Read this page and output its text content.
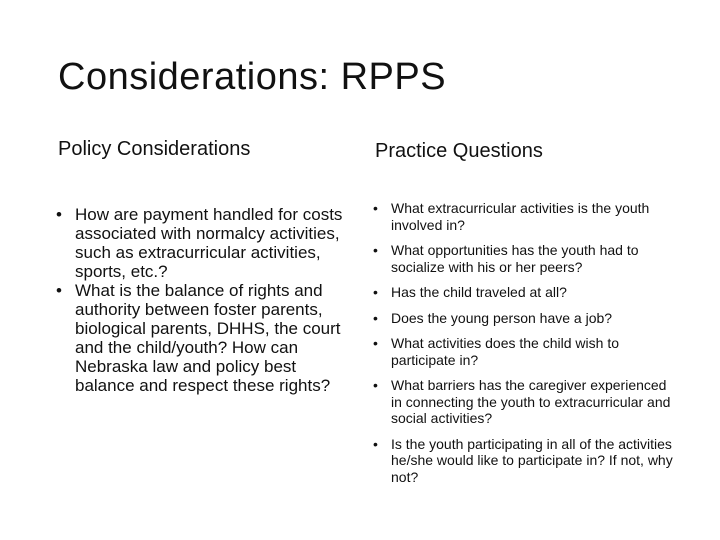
Considerations: RPPS
Policy Considerations	Practice Questions
• How are payment handled for costs associated with normalcy activities, such as extracurricular activities, sports, etc.?
• What is the balance of rights and authority between foster parents, biological parents, DHHS, the court and the child/youth? How can Nebraska law and policy best balance and respect these rights?
• What extracurricular activities is the youth involved in?
• What opportunities has the youth had to socialize with his or her peers?
• Has the child traveled at all?
• Does the young person have a job?
• What activities does the child wish to participate in?
• What barriers has the caregiver experienced in connecting the youth to extracurricular and social activities?
• Is the youth participating in all of the activities he/she would like to participate in? If not, why not?
